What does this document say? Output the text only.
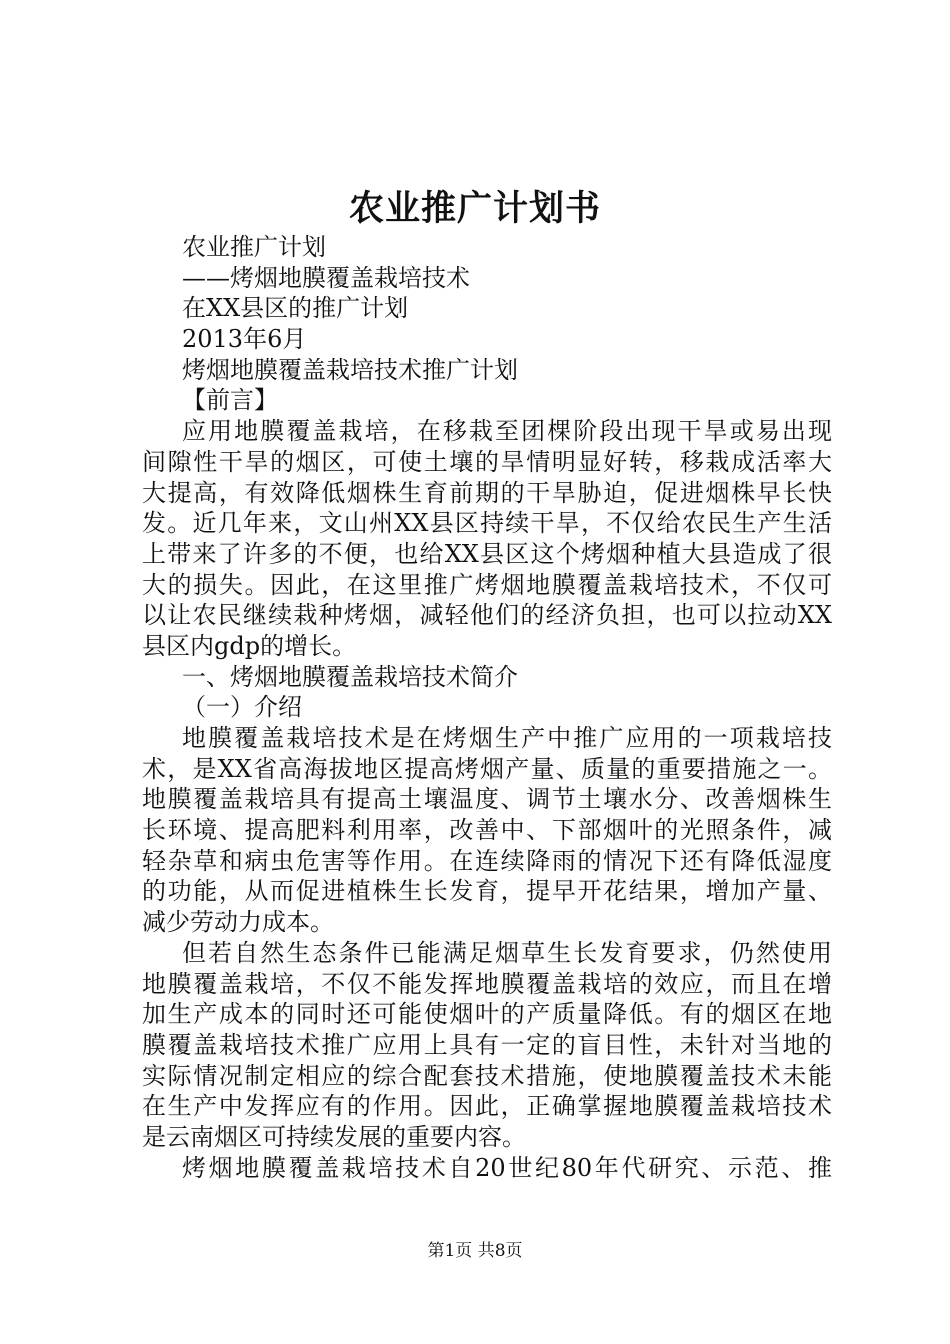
农业推广计划书
农业推广计划
——烤烟地膜覆盖栽培技术
在XX县区的推广计划
2013年6月
烤烟地膜覆盖栽培技术推广计划
【前言】
应用地膜覆盖栽培，在移栽至团棵阶段出现干旱或易出现
间隙性干旱的烟区，可使土壤的旱情明显好转，移栽成活率大
大提高，有效降低烟株生育前期的干旱胁迫，促进烟株早长快
发。近几年来，文山州XX县区持续干旱，不仅给农民生产生活
上带来了许多的不便，也给XX县区这个烤烟种植大县造成了很
大的损失。因此，在这里推广烤烟地膜覆盖栽培技术，不仅可
以让农民继续栽种烤烟，减轻他们的经济负担，也可以拉动XX
县区内gdp的增长。
一、烤烟地膜覆盖栽培技术简介
（一）介绍
地膜覆盖栽培技术是在烤烟生产中推广应用的一项栽培技
术，是XX省高海拔地区提高烤烟产量、质量的重要措施之一。
地膜覆盖栽培具有提高土壤温度、调节土壤水分、改善烟株生
长环境、提高肥料利用率，改善中、下部烟叶的光照条件，减
轻杂草和病虫危害等作用。在连续降雨的情况下还有降低湿度
的功能，从而促进植株生长发育，提早开花结果，增加产量、
减少劳动力成本。
但若自然生态条件已能满足烟草生长发育要求，仍然使用
地膜覆盖栽培，不仅不能发挥地膜覆盖栽培的效应，而且在增
加生产成本的同时还可能使烟叶的产质量降低。有的烟区在地
膜覆盖栽培技术推广应用上具有一定的盲目性，未针对当地的
实际情况制定相应的综合配套技术措施，使地膜覆盖技术未能
在生产中发挥应有的作用。因此，正确掌握地膜覆盖栽培技术
是云南烟区可持续发展的重要内容。
烤烟地膜覆盖栽培技术自20世纪80年代研究、示范、推
第1页 共8页
